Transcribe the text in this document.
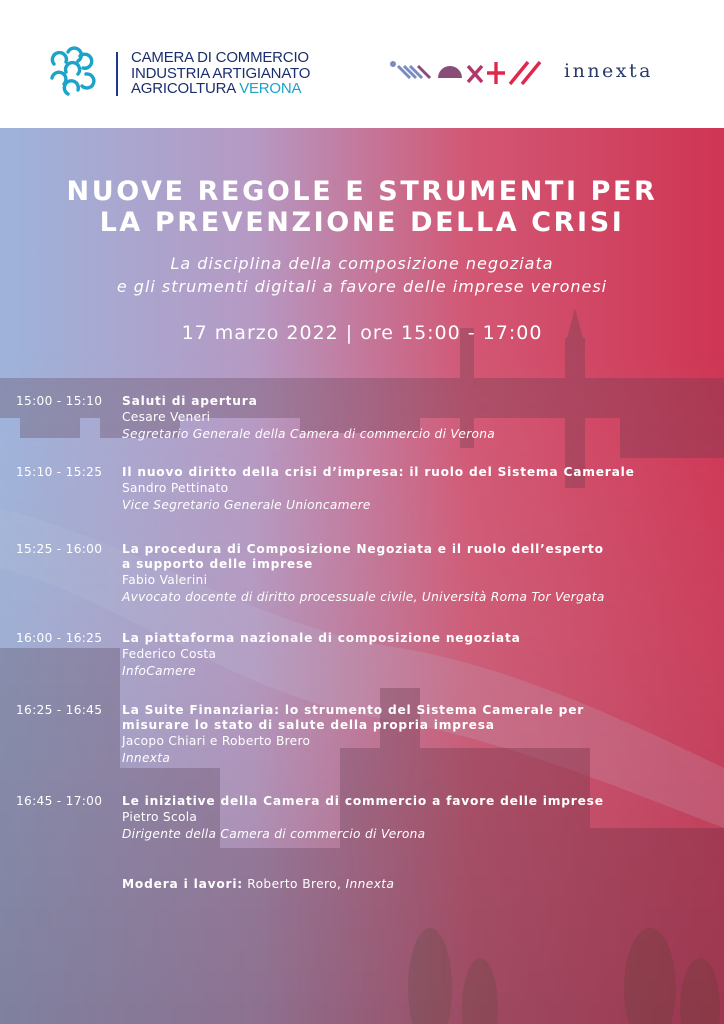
CAMERA DI COMMERCIO
INDUSTRIA ARTIGIANATO
AGRICOLTURA VERONA
innexta
NUOVE REGOLE E STRUMENTI PER
LA PREVENZIONE DELLA CRISI
La disciplina della composizione negoziata
e gli strumenti digitali a favore delle imprese veronesi
17 marzo 2022 | ore 15:00 - 17:00
15:00 - 15:10 Saluti di apertura
Cesare Veneri
Segretario Generale della Camera di commercio di Verona
15:10 - 15:25 Il nuovo diritto della crisi d’impresa: il ruolo del Sistema Camerale
Sandro Pettinato
Vice Segretario Generale Unioncamere
15:25 - 16:00 La procedura di Composizione Negoziata e il ruolo dell’esperto
a supporto delle imprese
Fabio Valerini
Avvocato docente di diritto processuale civile, Università Roma Tor Vergata
16:00 - 16:25 La piattaforma nazionale di composizione negoziata
Federico Costa
InfoCamere
16:25 - 16:45 La Suite Finanziaria: lo strumento del Sistema Camerale per
misurare lo stato di salute della propria impresa
Jacopo Chiari e Roberto Brero
Innexta
16:45 - 17:00 Le iniziative della Camera di commercio a favore delle imprese
Pietro Scola
Dirigente della Camera di commercio di Verona
Modera i lavori: Roberto Brero, Innexta
